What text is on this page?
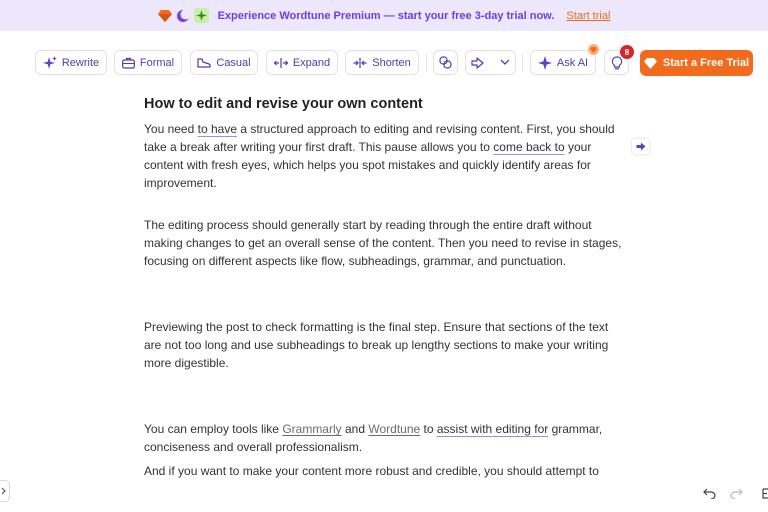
Experience Wordtune Premium — start your free 3-day trial now. Start trial
Rewrite	Formal	Casual	Expand	Shorten	Ask AI
8
Start a Free Trial
How to edit and revise your own content

You need to have a structured approach to editing and revising content. First, you should take a break after writing your first draft. This pause allows you to come back to your content with fresh eyes, which helps you spot mistakes and quickly identify areas for improvement.

The editing process should generally start by reading through the entire draft without making changes to get an overall sense of the content. Then you need to revise in stages, focusing on different aspects like flow, subheadings, grammar, and punctuation.

Previewing the post to check formatting is the final step. Ensure that sections of the text are not too long and use subheadings to break up lengthy sections to make your writing more digestible.

You can employ tools like Grammarly and Wordtune to assist with editing for grammar, conciseness and overall professionalism.

And if you want to make your content more robust and credible, you should attempt to
